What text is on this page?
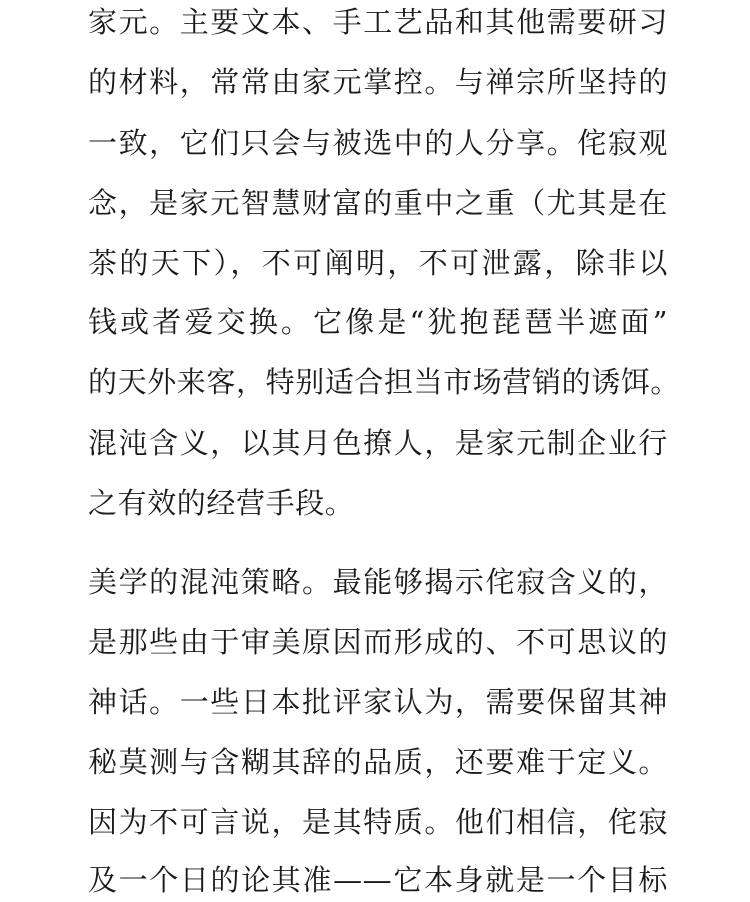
家元。主要文本、手工艺品和其他需要研习
的材料，常常由家元掌控。与禅宗所坚持的
一致，它们只会与被选中的人分享。侘寂观
念，是家元智慧财富的重中之重（尤其是在
茶的天下），不可阐明，不可泄露，除非以
钱或者爱交换。它像是“犹抱琵琶半遮面”
的天外来客，特别适合担当市场营销的诱饵。
混沌含义，以其月色撩人，是家元制企业行
之有效的经营手段。
美学的混沌策略。最能够揭示侘寂含义的，
是那些由于审美原因而形成的、不可思议的
神话。一些日本批评家认为，需要保留其神
秘莫测与含糊其辞的品质，还要难于定义。
因为不可言说，是其特质。他们相信，侘寂
及一个日的论其准——它本身就是一个目标
